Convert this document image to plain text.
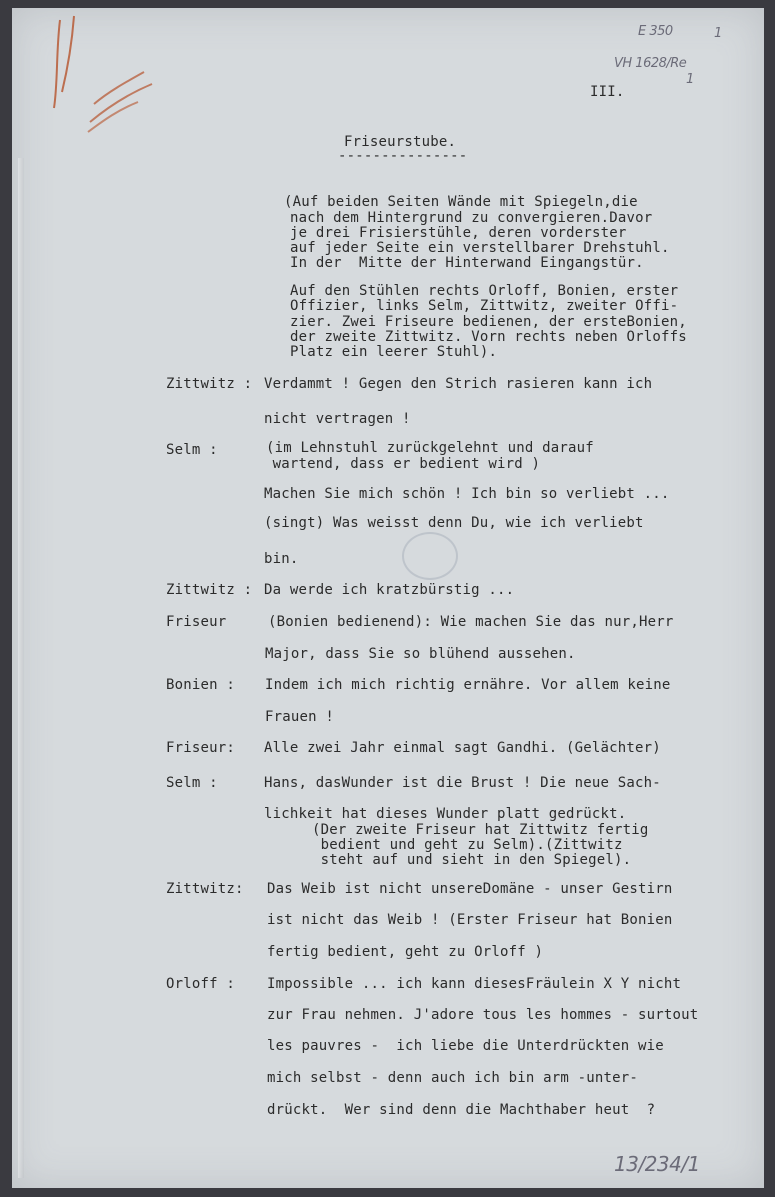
E 350	1
VH 1628/Re
1
13/234/1
III.
Friseurstube.
---------------
(Auf beiden Seiten Wände mit Spiegeln,die
nach dem Hintergrund zu convergieren.Davor
je drei Frisierstühle, deren vorderster
auf jeder Seite ein verstellbarer Drehstuhl.
In der  Mitte der Hinterwand Eingangstür.
Auf den Stühlen rechts Orloff, Bonien, erster
Offizier, links Selm, Zittwitz, zweiter Offi-
zier. Zwei Friseure bedienen, der ersteBonien,
der zweite Zittwitz. Vorn rechts neben Orloffs
Platz ein leerer Stuhl).
Zittwitz :
Selm :
Zittwitz :
Friseur
Bonien :
Friseur:
Selm :
Zittwitz:
Orloff :
Verdammt ! Gegen den Strich rasieren kann ich
nicht vertragen !
(im Lehnstuhl zurückgelehnt und darauf
wartend, dass er bedient wird )
Machen Sie mich schön ! Ich bin so verliebt ...
(singt) Was weisst denn Du, wie ich verliebt
bin.
Da werde ich kratzbürstig ...
(Bonien bedienend): Wie machen Sie das nur,Herr
Major, dass Sie so blühend aussehen.
Indem ich mich richtig ernähre. Vor allem keine
Frauen !
Alle zwei Jahr einmal sagt Gandhi. (Gelächter)
Hans, dasWunder ist die Brust ! Die neue Sach-
lichkeit hat dieses Wunder platt gedrückt.
(Der zweite Friseur hat Zittwitz fertig
bedient und geht zu Selm).(Zittwitz
steht auf und sieht in den Spiegel).
Das Weib ist nicht unsereDomäne - unser Gestirn
ist nicht das Weib ! (Erster Friseur hat Bonien
fertig bedient, geht zu Orloff )
Impossible ... ich kann diesesFräulein X Y nicht
zur Frau nehmen. J'adore tous les hommes - surtout
les pauvres -  ich liebe die Unterdrückten wie
mich selbst - denn auch ich bin arm -unter-
drückt.  Wer sind denn die Machthaber heut  ?
